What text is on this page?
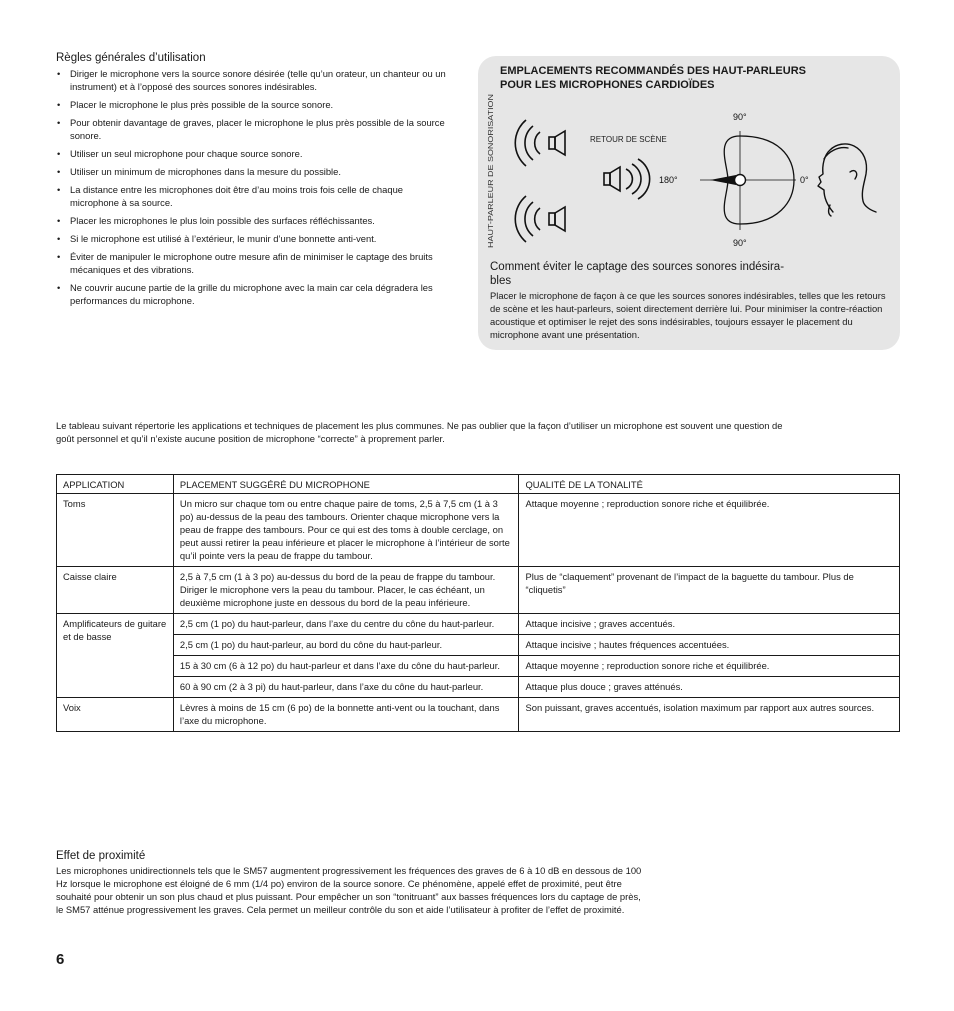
Règles générales d’utilisation
• Diriger le microphone vers la source sonore désirée (telle qu’un orateur, un chanteur ou un instrument) et à l’opposé des sources sonores indésirables.
• Placer le microphone le plus près possible de la source sonore.
• Pour obtenir davantage de graves, placer le microphone le plus près possible de la source sonore.
• Utiliser un seul microphone pour chaque source sonore.
• Utiliser un minimum de microphones dans la mesure du possible.
• La distance entre les microphones doit être d’au moins trois fois celle de chaque microphone à sa source.
• Placer les microphones le plus loin possible des surfaces réfléchissantes.
• Si le microphone est utilisé à l’extérieur, le munir d’une bonnette anti-vent.
• Éviter de manipuler le microphone outre mesure afin de minimiser le captage des bruits mécaniques et des vibrations.
• Ne couvrir aucune partie de la grille du microphone avec la main car cela dégradera les performances du microphone.
EMPLACEMENTS RECOMMANDÉS DES HAUT-PARLEURS
POUR LES MICROPHONES CARDIOÏDES
HAUT-PARLEUR DE SONORISATION	RETOUR DE SCÈNE
90°
90°
180°	0°
Comment éviter le captage des sources sonores indésira-
bles
Placer le microphone de façon à ce que les sources sonores indésirables, telles que les retours de scène et les haut-parleurs, soient directement derrière lui. Pour minimiser la contre-réaction acoustique et optimiser le rejet des sons indésirables, toujours essayer le placement du microphone avant une présentation.
Le tableau suivant répertorie les applications et techniques de placement les plus communes. Ne pas oublier que la façon d’utiliser un microphone est souvent une question de goût personnel et qu’il n’existe aucune position de microphone “correcte” à proprement parler.
APPLICATION	PLACEMENT SUGGÉRÉ DU MICROPHONE	QUALITÉ DE LA TONALITÉ
Toms	Un micro sur chaque tom ou entre chaque paire de toms, 2,5 à 7,5 cm (1 à 3 po) au-dessus de la peau des tambours. Orienter chaque microphone vers la peau de frappe des tambours. Pour ce qui est des toms à double cerclage, on peut aussi retirer la peau inférieure et placer le microphone à l’intérieur de sorte qu’il pointe vers la peau de frappe du tambour.	Attaque moyenne ; reproduction sonore riche et équilibrée.
Caisse claire	2,5 à 7,5 cm (1 à 3 po) au-dessus du bord de la peau de frappe du tambour. Diriger le microphone vers la peau du tambour. Placer, le cas échéant, un deuxième microphone juste en dessous du bord de la peau inférieure.	Plus de “claquement” provenant de l’impact de la baguette du tambour. Plus de “cliquetis”
Amplificateurs de guitare et de basse	2,5 cm (1 po) du haut-parleur, dans l’axe du centre du cône du haut-parleur.	Attaque incisive ; graves accentués.
	2,5 cm (1 po) du haut-parleur, au bord du cône du haut-parleur.	Attaque incisive ; hautes fréquences accentuées.
	15 à 30 cm (6 à 12 po) du haut-parleur et dans l’axe du cône du haut-parleur.	Attaque moyenne ; reproduction sonore riche et équilibrée.
	60 à 90 cm (2 à 3 pi) du haut-parleur, dans l’axe du cône du haut-parleur.	Attaque plus douce ; graves atténués.
Voix	Lèvres à moins de 15 cm (6 po) de la bonnette anti-vent ou la touchant, dans l’axe du microphone.	Son puissant, graves accentués, isolation maximum par rapport aux autres sources.
Effet de proximité

Les microphones unidirectionnels tels que le SM57 augmentent progressivement les fréquences des graves de 6 à 10 dB en dessous de 100 Hz lorsque le microphone est éloigné de 6 mm (1/4 po) environ de la source sonore. Ce phénomène, appelé effet de proximité, peut être souhaité pour obtenir un son plus chaud et plus puissant. Pour empêcher un son “tonitruant” aux basses fréquences lors du captage de près, le SM57 atténue progressivement les graves. Cela permet un meilleur contrôle du son et aide l’utilisateur à profiter de l’effet de proximité.

6
